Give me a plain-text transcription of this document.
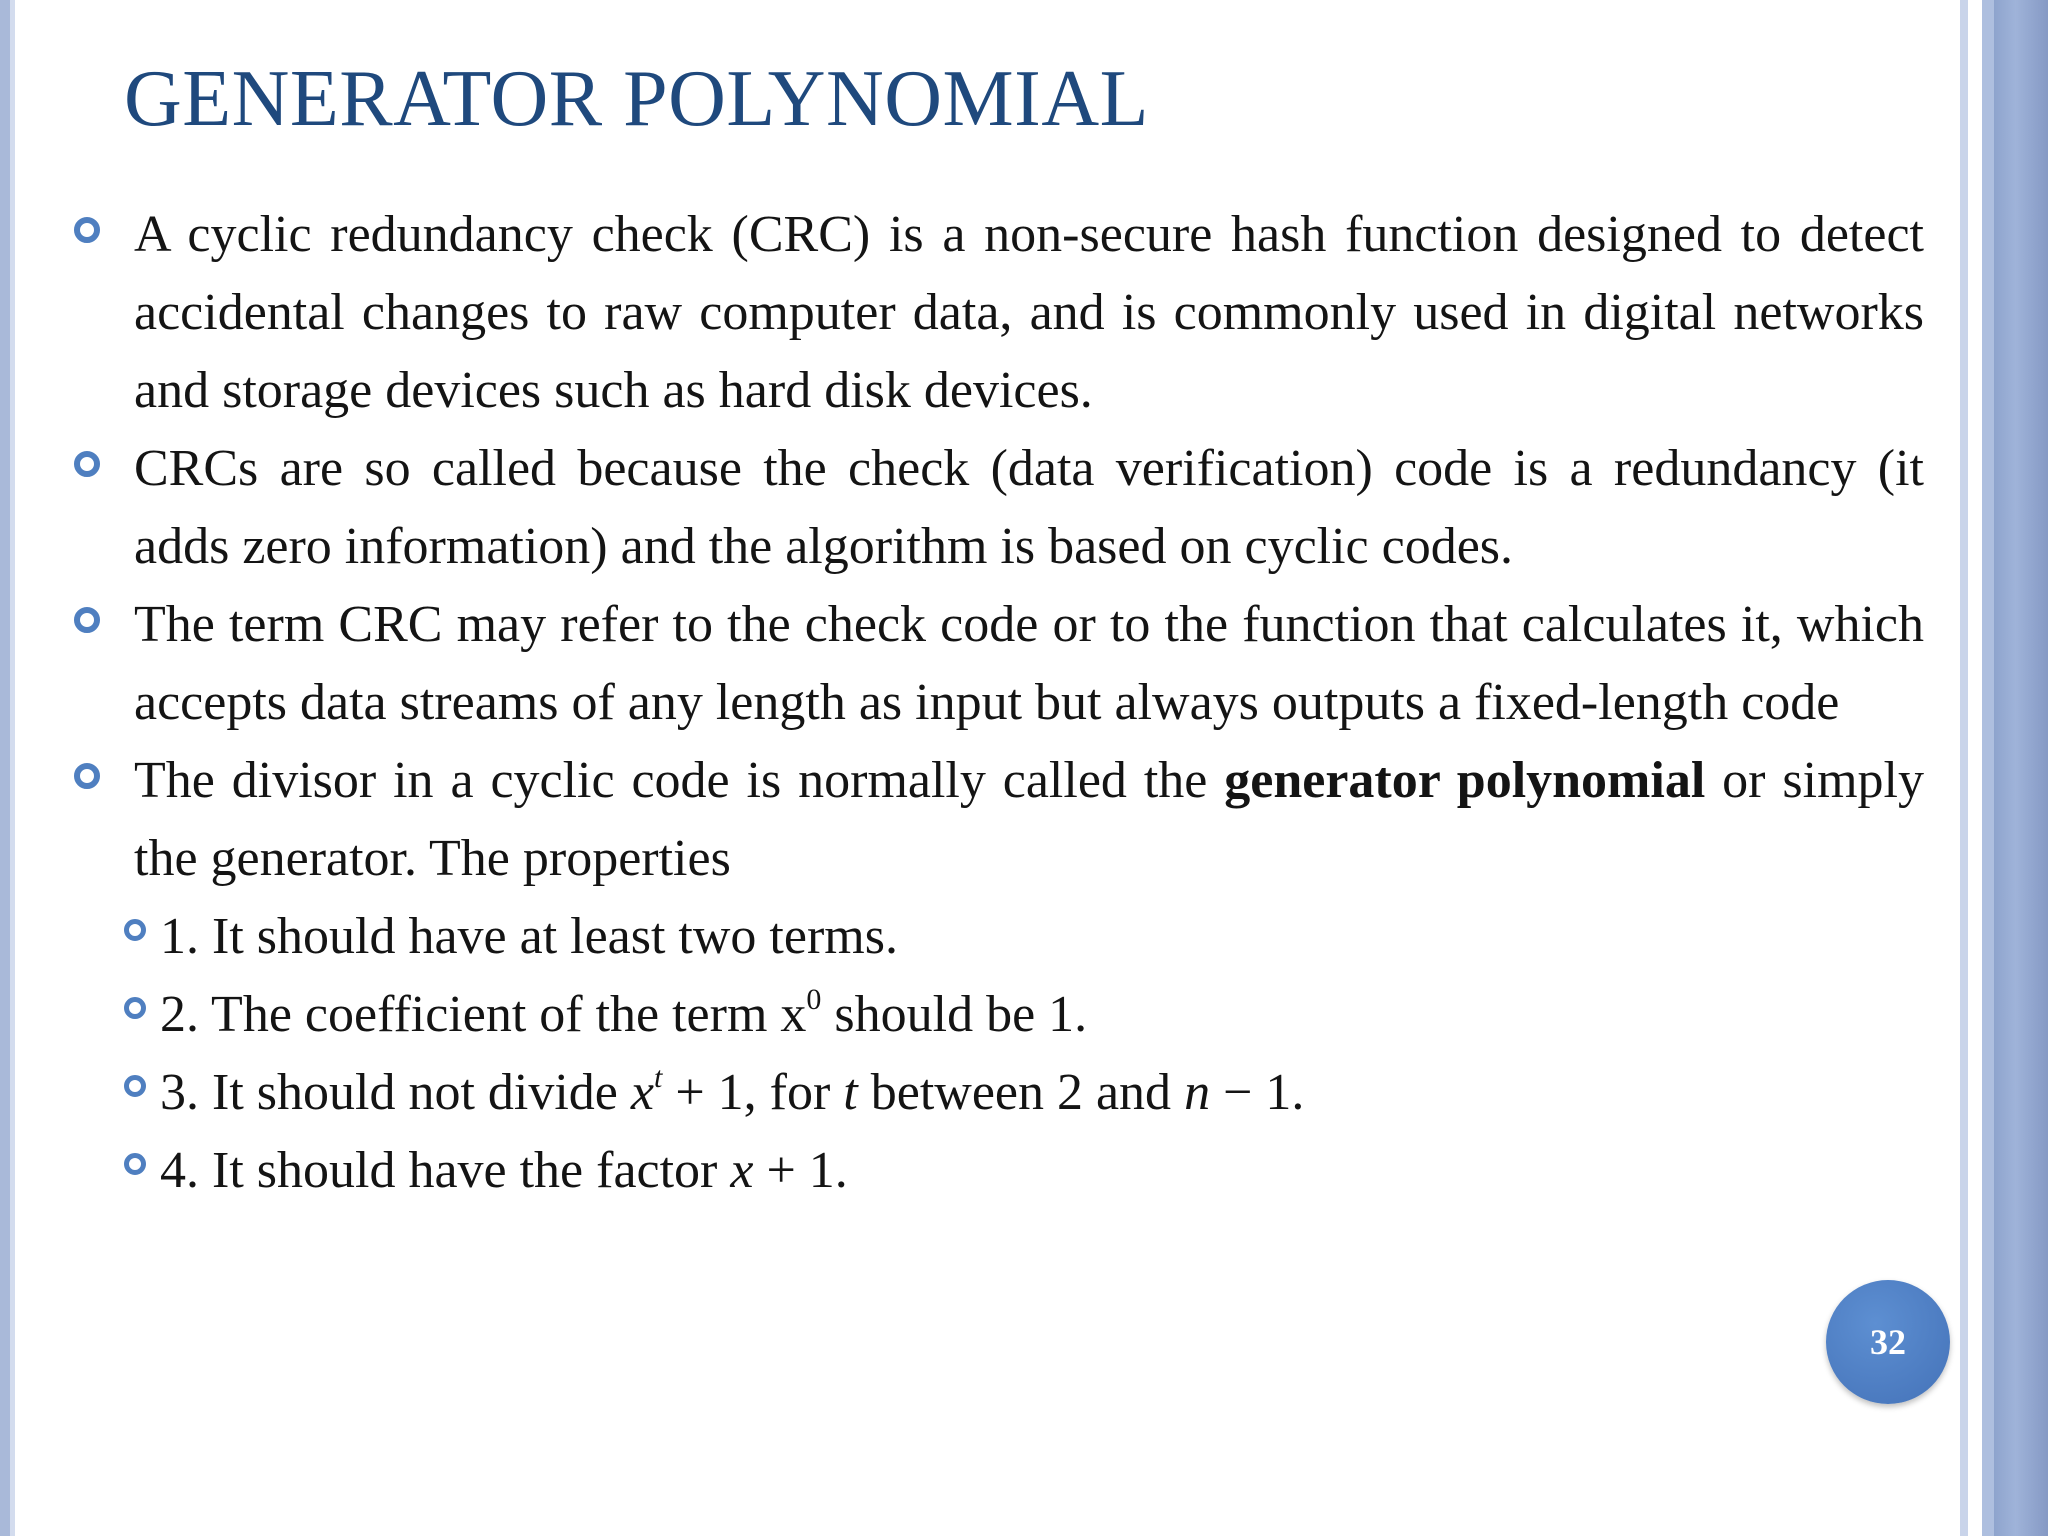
GENERATOR POLYNOMIAL
A cyclic redundancy check (CRC) is a non-secure hash function designed to detect accidental changes to raw computer data, and is commonly used in digital networks and storage devices such as hard disk devices.
CRCs are so called because the check (data verification) code is a redundancy (it adds zero information) and the algorithm is based on cyclic codes.
The term CRC may refer to the check code or to the function that calculates it, which accepts data streams of any length as input but always outputs a fixed-length code
The divisor in a cyclic code is normally called the generator polynomial or simply the generator. The properties
1. It should have at least two terms.
2. The coefficient of the term $x^0$ should be 1.
3. It should not divide $x^t + 1$, for t between 2 and n − 1.
4. It should have the factor x + 1.
32
